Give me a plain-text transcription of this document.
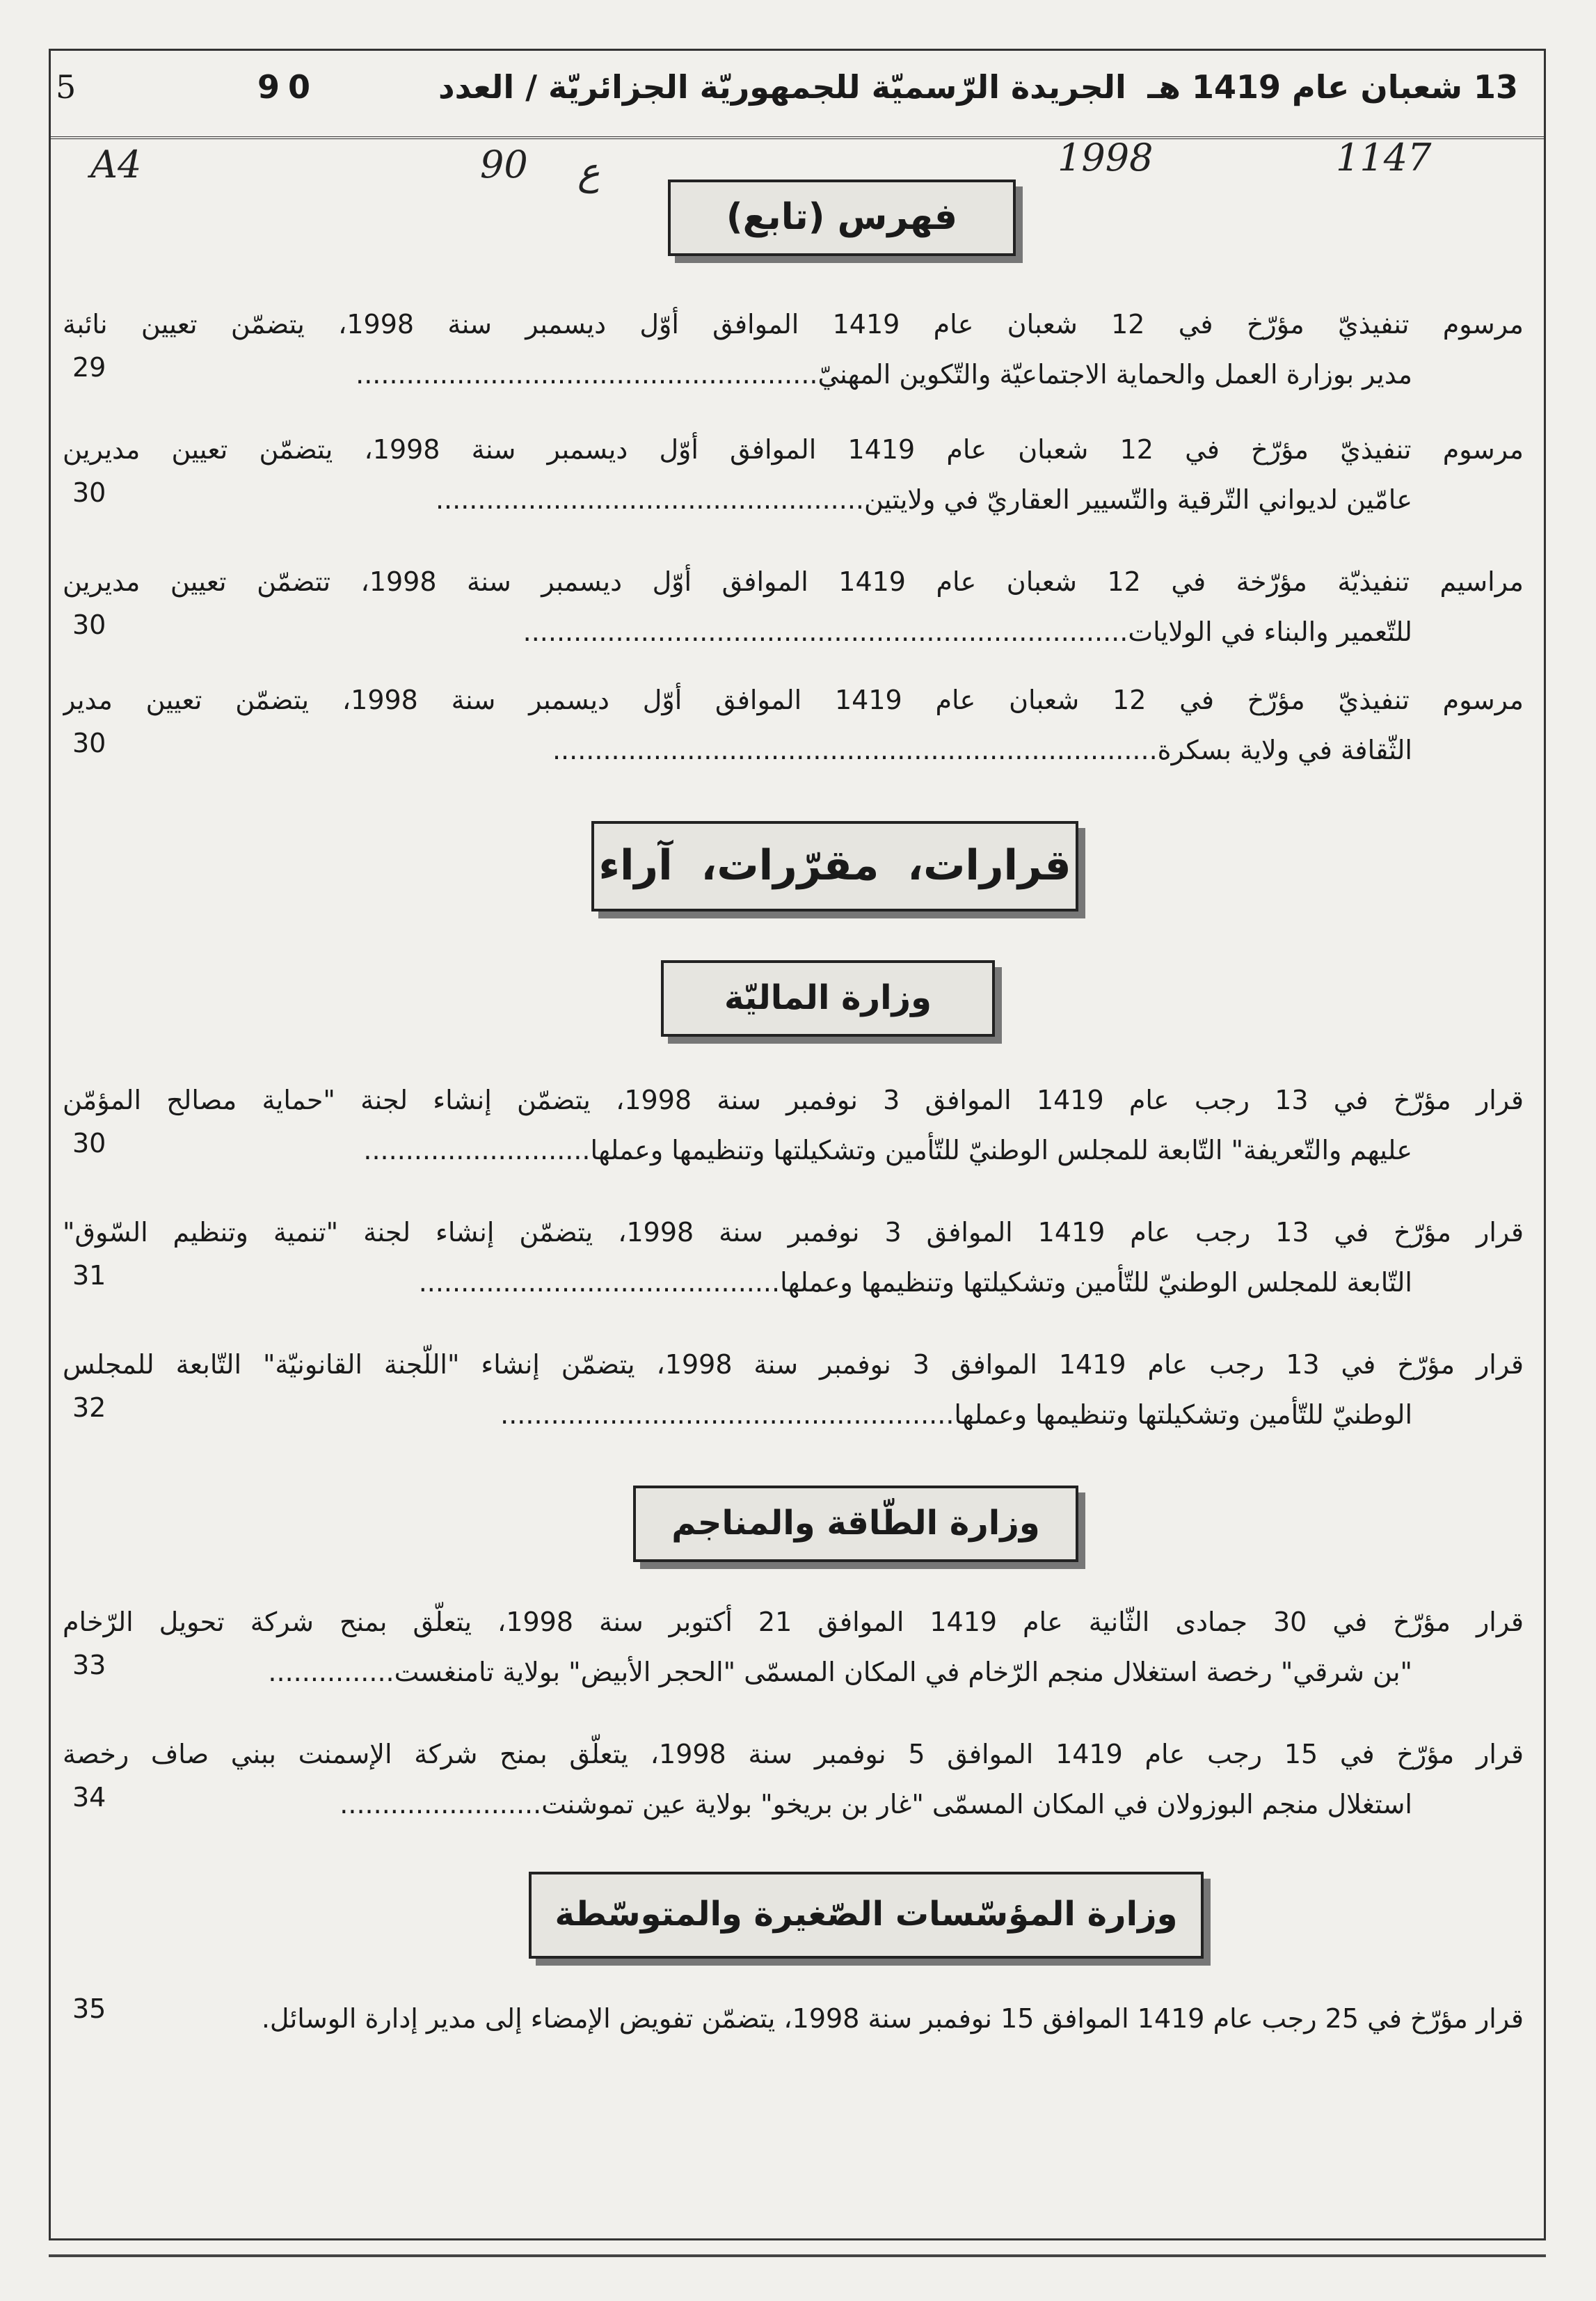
13 شعبان عام 1419 هـ
الجريدة الرّسميّة للجمهوريّة الجزائريّة / العدد
90
5
A4	90 ع	1998	1147
فهرس (تابع)
مرسوم تنفيذيّ مؤرّخ في 12 شعبان عام 1419 الموافق أوّل ديسمبر سنة 1998، يتضمّن تعيين نائبة
مدير بوزارة العمل والحماية الاجتماعيّة والتّكوين المهنيّ.......................................................
29
مرسوم تنفيذيّ مؤرّخ في 12 شعبان عام 1419 الموافق أوّل ديسمبر سنة 1998، يتضمّن تعيين مديرين
عامّين لديواني التّرقية والتّسيير العقاريّ في ولايتين...................................................
30
مراسيم تنفيذيّة مؤرّخة في 12 شعبان عام 1419 الموافق أوّل ديسمبر سنة 1998، تتضمّن تعيين مديرين
للتّعمير والبناء في الولايات........................................................................
30
مرسوم تنفيذيّ مؤرّخ في 12 شعبان عام 1419 الموافق أوّل ديسمبر سنة 1998، يتضمّن تعيين مدير
الثّقافة في ولاية بسكرة........................................................................
30
قرارات، مقرّرات، آراء
وزارة الماليّة
قرار مؤرّخ في 13 رجب عام 1419 الموافق 3 نوفمبر سنة 1998، يتضمّن إنشاء لجنة "حماية مصالح المؤمّن
عليهم والتّعريفة" التّابعة للمجلس الوطنيّ للتّأمين وتشكيلتها وتنظيمها وعملها...........................
30
قرار مؤرّخ في 13 رجب عام 1419 الموافق 3 نوفمبر سنة 1998، يتضمّن إنشاء لجنة "تنمية وتنظيم السّوق"
التّابعة للمجلس الوطنيّ للتّأمين وتشكيلتها وتنظيمها وعملها...........................................
31
قرار مؤرّخ في 13 رجب عام 1419 الموافق 3 نوفمبر سنة 1998، يتضمّن إنشاء "اللّجنة القانونيّة" التّابعة للمجلس
الوطنيّ للتّأمين وتشكيلتها وتنظيمها وعملها......................................................
32
وزارة الطّاقة والمناجم
قرار مؤرّخ في 30 جمادى الثّانية عام 1419 الموافق 21 أكتوبر سنة 1998، يتعلّق بمنح شركة تحويل الرّخام
"بن شرقي" رخصة استغلال منجم الرّخام في المكان المسمّى "الحجر الأبيض" بولاية تامنغست...............
33
قرار مؤرّخ في 15 رجب عام 1419 الموافق 5 نوفمبر سنة 1998، يتعلّق بمنح شركة الإسمنت ببني صاف رخصة
استغلال منجم البوزولان في المكان المسمّى "غار بن بريخو" بولاية عين تموشنت........................
34
وزارة المؤسّسات الصّغيرة والمتوسّطة
قرار مؤرّخ في 25 رجب عام 1419 الموافق 15 نوفمبر سنة 1998، يتضمّن تفويض الإمضاء إلى مدير إدارة الوسائل.
35
